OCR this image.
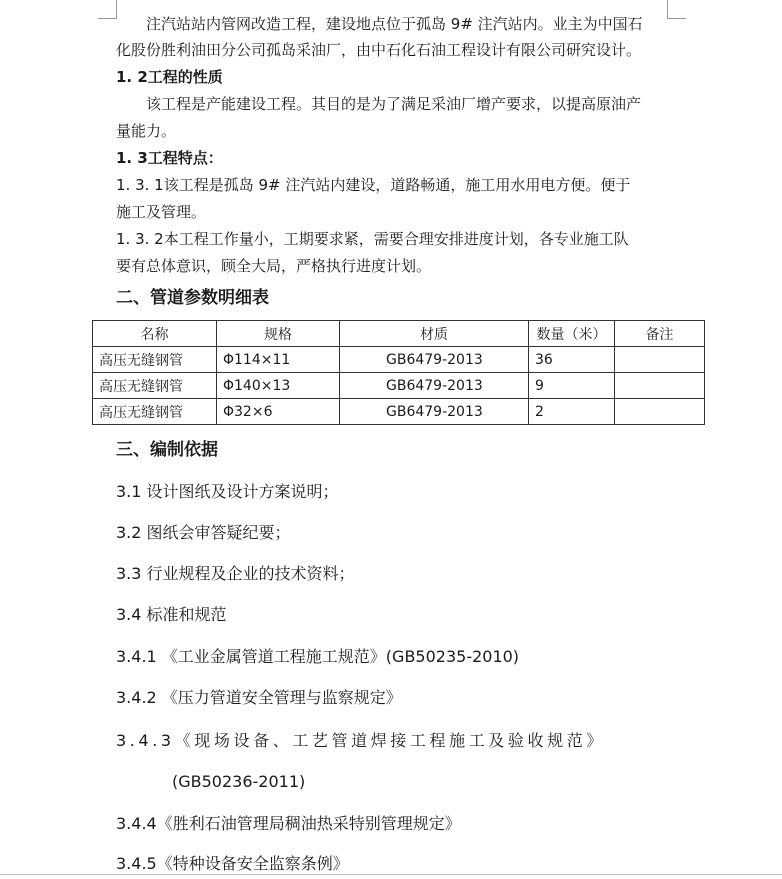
注汽站站内管网改造工程，建设地点位于孤岛 9# 注汽站内。业主为中国石
化股份胜利油田分公司孤岛采油厂，由中石化石油工程设计有限公司研究设计。
1. 2工程的性质
该工程是产能建设工程。其目的是为了满足采油厂增产要求，以提高原油产
量能力。
1. 3工程特点：
1. 3. 1该工程是孤岛 9# 注汽站内建设，道路畅通，施工用水用电方便。便于
施工及管理。
1. 3. 2本工程工作量小，工期要求紧，需要合理安排进度计划，各专业施工队
要有总体意识，顾全大局，严格执行进度计划。
二、管道参数明细表
名称	规格	材质	数量（米）	备注
高压无缝钢管	Φ114×11	GB6479-2013	36	
高压无缝钢管	Φ140×13	GB6479-2013	9	
高压无缝钢管	Φ32×6	GB6479-2013	2	
三、编制依据
3.1 设计图纸及设计方案说明；
3.2 图纸会审答疑纪要；
3.3 行业规程及企业的技术资料；
3.4 标准和规范
3.4.1 《工业金属管道工程施工规范》(GB50235-2010)
3.4.2 《压力管道安全管理与监察规定》
3.4.3《现场设备、工艺管道焊接工程施工及验收规范》
(GB50236-2011)
3.4.4《胜利石油管理局稠油热采特别管理规定》
3.4.5《特种设备安全监察条例》
